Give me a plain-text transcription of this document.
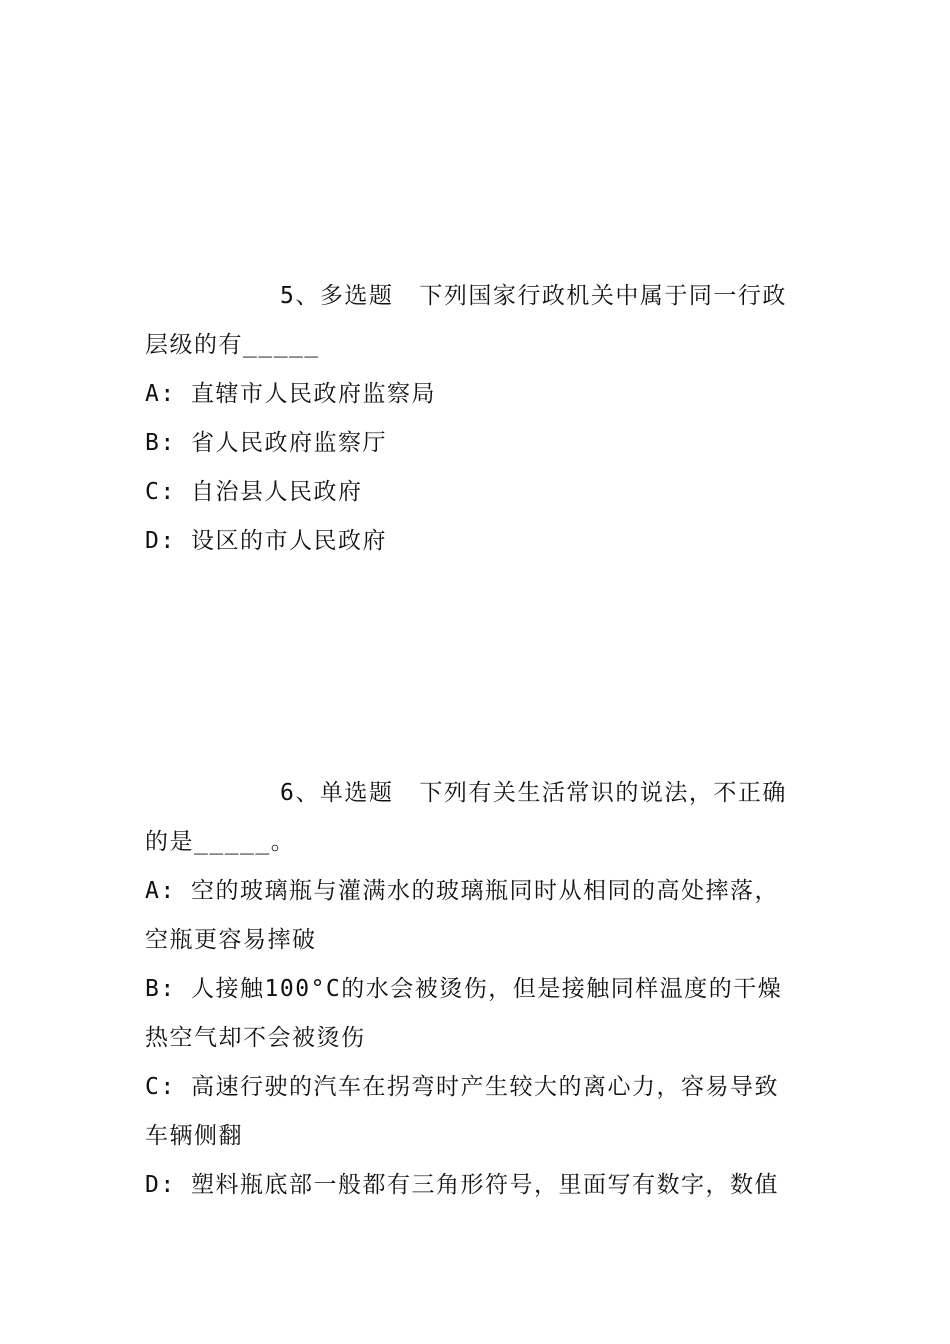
5、多选题 下列国家行政机关中属于同一行政
层级的有_____
A: 直辖市人民政府监察局
B: 省人民政府监察厅
C: 自治县人民政府
D: 设区的市人民政府
6、单选题 下列有关生活常识的说法，不正确
的是_____。
A: 空的玻璃瓶与灌满水的玻璃瓶同时从相同的高处摔落，
空瓶更容易摔破
B: 人接触100°C的水会被烫伤，但是接触同样温度的干燥
热空气却不会被烫伤
C: 高速行驶的汽车在拐弯时产生较大的离心力，容易导致
车辆侧翻
D: 塑料瓶底部一般都有三角形符号，里面写有数字，数值
